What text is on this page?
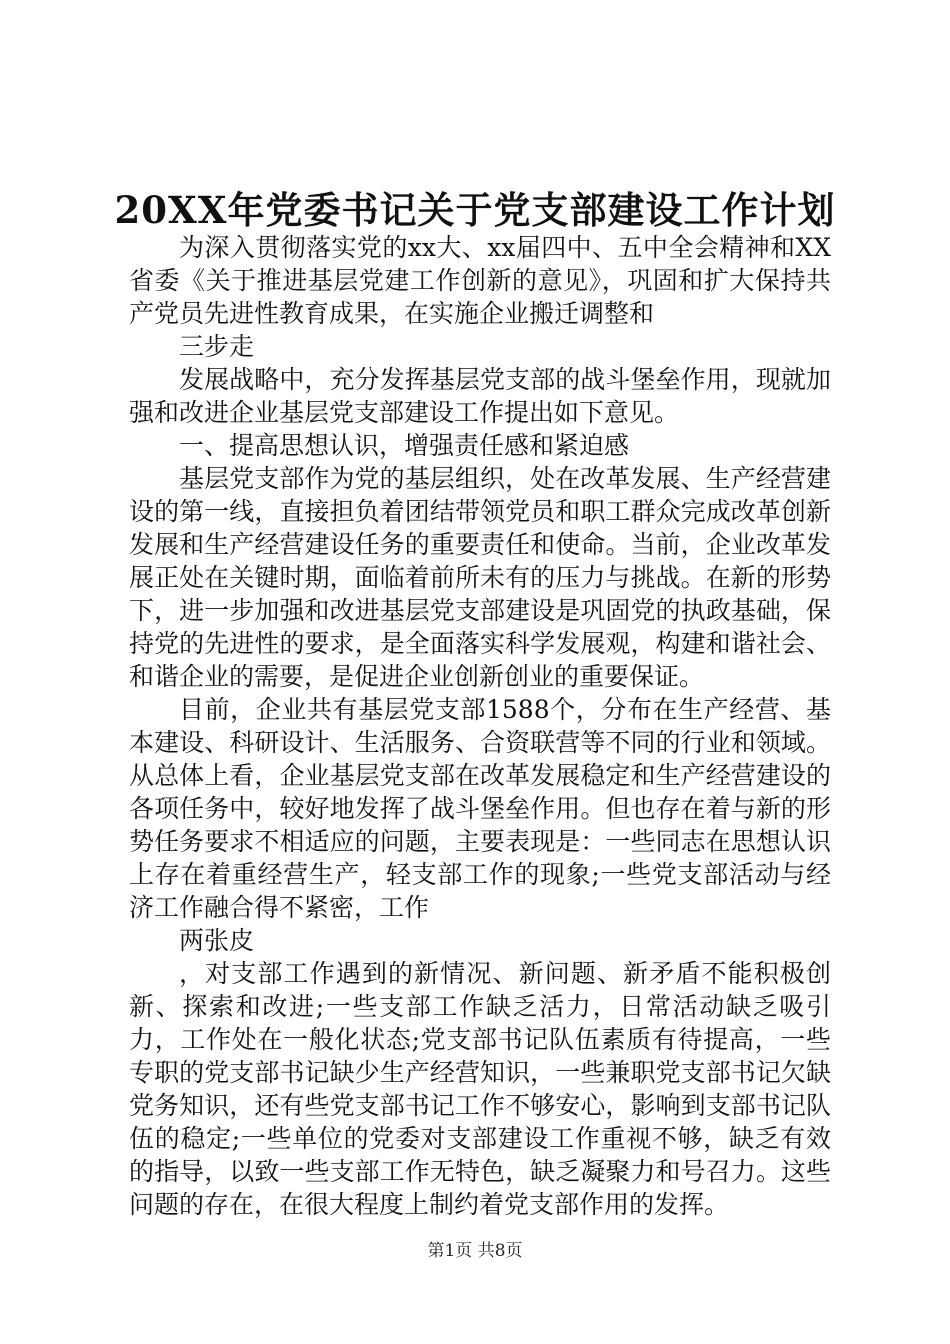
20XX年党委书记关于党支部建设工作计划

为深入贯彻落实党的xx大、xx届四中、五中全会精神和XX省委《关于推进基层党建工作创新的意见》，巩固和扩大保持共产党员先进性教育成果，在实施企业搬迁调整和

三步走

发展战略中，充分发挥基层党支部的战斗堡垒作用，现就加强和改进企业基层党支部建设工作提出如下意见。

一、提高思想认识，增强责任感和紧迫感

基层党支部作为党的基层组织，处在改革发展、生产经营建设的第一线，直接担负着团结带领党员和职工群众完成改革创新发展和生产经营建设任务的重要责任和使命。当前，企业改革发展正处在关键时期，面临着前所未有的压力与挑战。在新的形势下，进一步加强和改进基层党支部建设是巩固党的执政基础，保持党的先进性的要求，是全面落实科学发展观，构建和谐社会、和谐企业的需要，是促进企业创新创业的重要保证。

目前，企业共有基层党支部1588个，分布在生产经营、基本建设、科研设计、生活服务、合资联营等不同的行业和领域。从总体上看，企业基层党支部在改革发展稳定和生产经营建设的各项任务中，较好地发挥了战斗堡垒作用。但也存在着与新的形势任务要求不相适应的问题，主要表现是：一些同志在思想认识上存在着重经营生产，轻支部工作的现象;一些党支部活动与经济工作融合得不紧密，工作

两张皮

，对支部工作遇到的新情况、新问题、新矛盾不能积极创新、探索和改进;一些支部工作缺乏活力，日常活动缺乏吸引力，工作处在一般化状态;党支部书记队伍素质有待提高，一些专职的党支部书记缺少生产经营知识，一些兼职党支部书记欠缺党务知识，还有些党支部书记工作不够安心，影响到支部书记队伍的稳定;一些单位的党委对支部建设工作重视不够，缺乏有效的指导，以致一些支部工作无特色，缺乏凝聚力和号召力。这些问题的存在，在很大程度上制约着党支部作用的发挥。

第1页 共8页
